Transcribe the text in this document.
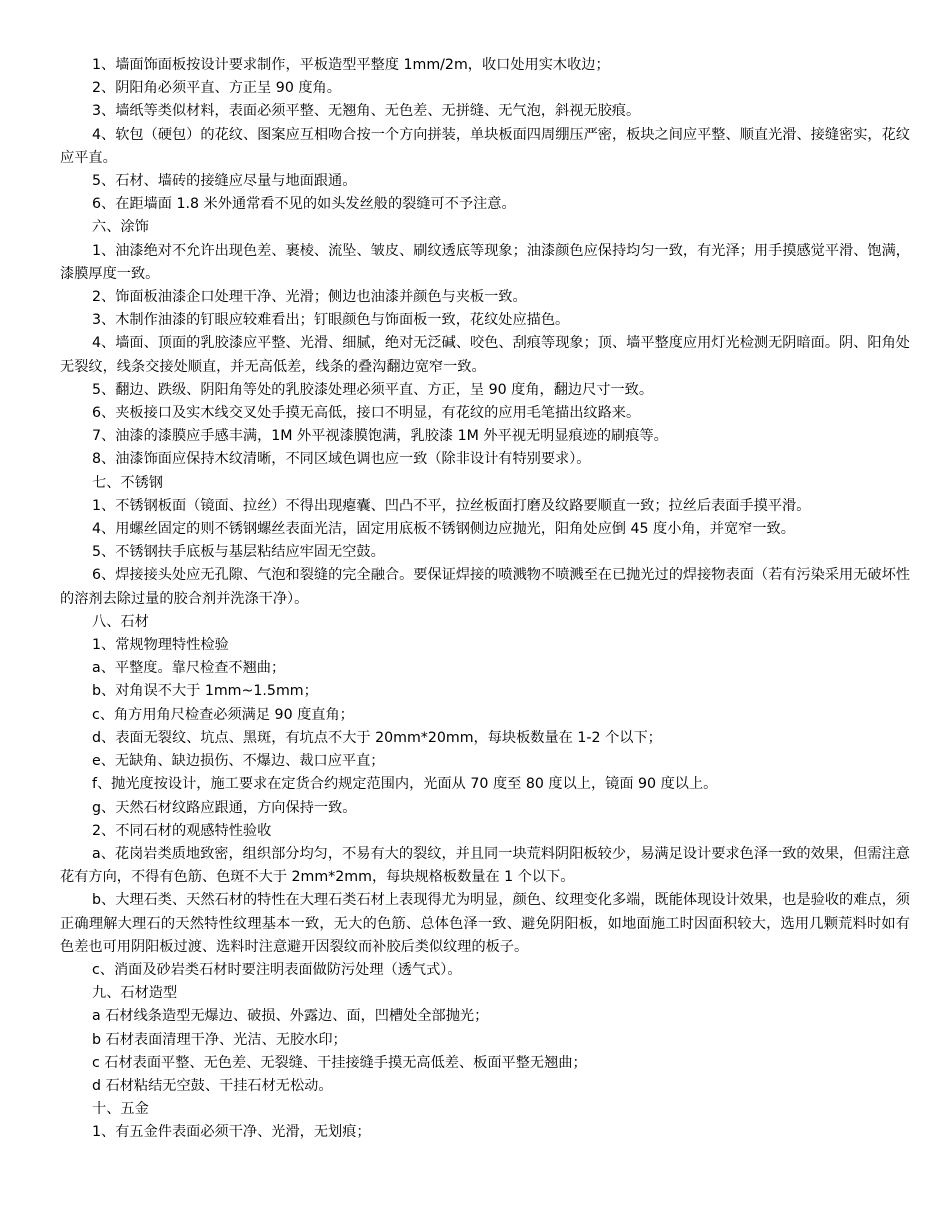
1、墙面饰面板按设计要求制作，平板造型平整度 1mm/2m，收口处用实木收边；

2、阴阳角必须平直、方正呈 90 度角。

3、墙纸等类似材料，表面必须平整、无翘角、无色差、无拼缝、无气泡，斜视无胶痕。

4、软包（硬包）的花纹、图案应互相吻合按一个方向拼装，单块板面四周绷压严密，板块之间应平整、顺直光滑、接缝密实，花纹应平直。

5、石材、墙砖的接缝应尽量与地面跟通。

6、在距墙面 1.8 米外通常看不见的如头发丝般的裂缝可不予注意。

六、涂饰

1、油漆绝对不允许出现色差、裹棱、流坠、皱皮、刷纹透底等现象；油漆颜色应保持均匀一致，有光泽；用手摸感觉平滑、饱满，漆膜厚度一致。

2、饰面板油漆企口处理干净、光滑；侧边也油漆并颜色与夹板一致。

3、木制作油漆的钉眼应较难看出；钉眼颜色与饰面板一致，花纹处应描色。

4、墙面、顶面的乳胶漆应平整、光滑、细腻，绝对无泛碱、咬色、刮痕等现象；顶、墙平整度应用灯光检测无阴暗面。阴、阳角处无裂纹，线条交接处顺直，并无高低差，线条的叠沟翻边宽窄一致。

5、翻边、跌级、阴阳角等处的乳胶漆处理必须平直、方正，呈 90 度角，翻边尺寸一致。

6、夹板接口及实木线交叉处手摸无高低，接口不明显，有花纹的应用毛笔描出纹路来。

7、油漆的漆膜应手感丰满，1M 外平视漆膜饱满，乳胶漆 1M 外平视无明显痕迹的刷痕等。

8、油漆饰面应保持木纹清晰，不同区域色调也应一致（除非设计有特别要求）。

七、不锈钢

1、不锈钢板面（镜面、拉丝）不得出现瘪囊、凹凸不平，拉丝板面打磨及纹路要顺直一致；拉丝后表面手摸平滑。

4、用螺丝固定的则不锈钢螺丝表面光洁，固定用底板不锈钢侧边应抛光，阳角处应倒 45 度小角，并宽窄一致。

5、不锈钢扶手底板与基层粘结应牢固无空鼓。

6、焊接接头处应无孔隙、气泡和裂缝的完全融合。要保证焊接的喷溅物不喷溅至在已抛光过的焊接物表面（若有污染采用无破坏性的溶剂去除过量的胶合剂并洗涤干净）。

八、石材

1、常规物理特性检验

a、平整度。靠尺检查不翘曲；

b、对角误不大于 1mm~1.5mm；

c、角方用角尺检查必须满足 90 度直角；

d、表面无裂纹、坑点、黑斑，有坑点不大于 20mm*20mm，每块板数量在 1-2 个以下；

e、无缺角、缺边损伤、不爆边、裁口应平直；

f、抛光度按设计，施工要求在定货合约规定范围内，光面从 70 度至 80 度以上，镜面 90 度以上。

g、天然石材纹路应跟通，方向保持一致。

2、不同石材的观感特性验收

a、花岗岩类质地致密，组织部分均匀，不易有大的裂纹，并且同一块荒料阴阳板较少，易满足设计要求色泽一致的效果，但需注意花有方向，不得有色筋、色斑不大于 2mm*2mm，每块规格板数量在 1 个以下。

b、大理石类、天然石材的特性在大理石类石材上表现得尤为明显，颜色、纹理变化多端，既能体现设计效果，也是验收的难点，须正确理解大理石的天然特性纹理基本一致，无大的色筋、总体色泽一致、避免阴阳板，如地面施工时因面积较大，选用几颗荒料时如有色差也可用阴阳板过渡、选料时注意避开因裂纹而补胶后类似纹理的板子。

c、消面及砂岩类石材时要注明表面做防污处理（透气式）。

九、石材造型

a 石材线条造型无爆边、破损、外露边、面，凹槽处全部抛光；

b 石材表面清理干净、光洁、无胶水印；

c 石材表面平整、无色差、无裂缝、干挂接缝手摸无高低差、板面平整无翘曲；

d 石材粘结无空鼓、干挂石材无松动。

十、五金

1、有五金件表面必须干净、光滑，无划痕；
